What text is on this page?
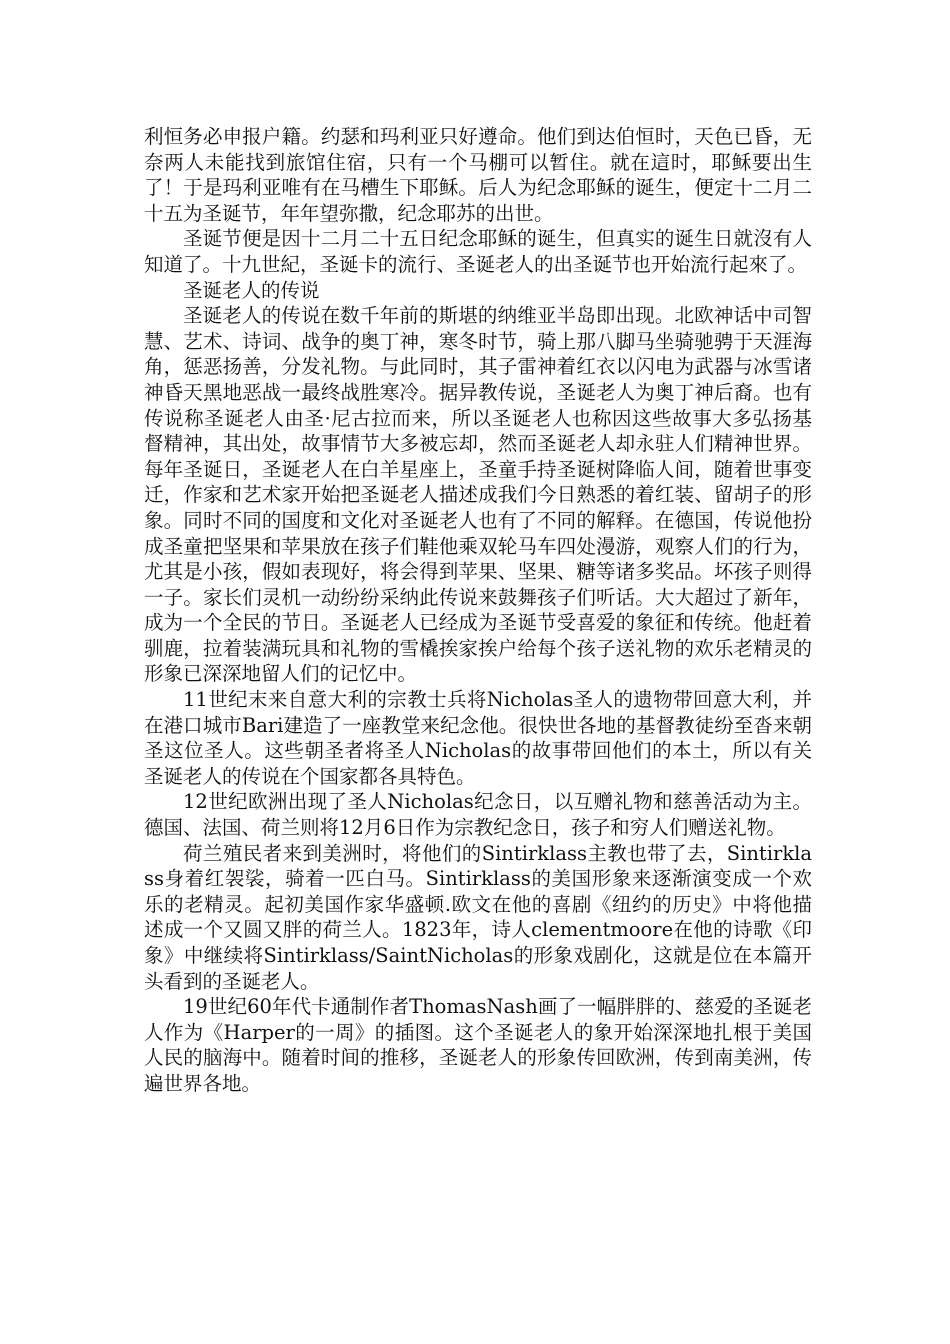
利恒务必申报户籍。约瑟和玛利亚只好遵命。他们到达伯恒时，天色已昏，无奈两人未能找到旅馆住宿，只有一个马棚可以暂住。就在這时，耶稣要出生了！于是玛利亚唯有在马槽生下耶稣。后人为纪念耶稣的诞生，便定十二月二十五为圣诞节，年年望弥撒，纪念耶苏的出世。

圣诞节便是因十二月二十五日纪念耶稣的诞生，但真实的诞生日就沒有人知道了。十九世紀，圣诞卡的流行、圣诞老人的出圣诞节也开始流行起來了。

圣诞老人的传说

圣诞老人的传说在数千年前的斯堪的纳维亚半岛即出现。北欧神话中司智慧、艺术、诗词、战争的奥丁神，寒冬时节，骑上那八脚马坐骑驰骋于天涯海角，惩恶扬善，分发礼物。与此同时，其子雷神着红衣以闪电为武器与冰雪诸神昏天黑地恶战一最终战胜寒冷。据异教传说，圣诞老人为奥丁神后裔。也有传说称圣诞老人由圣·尼古拉而来，所以圣诞老人也称因这些故事大多弘扬基督精神，其出处，故事情节大多被忘却，然而圣诞老人却永驻人们精神世界。每年圣诞日，圣诞老人在白羊星座上，圣童手持圣诞树降临人间，随着世事变迁，作家和艺术家开始把圣诞老人描述成我们今日熟悉的着红装、留胡子的形象。同时不同的国度和文化对圣诞老人也有了不同的解释。在德国，传说他扮成圣童把坚果和苹果放在孩子们鞋他乘双轮马车四处漫游，观察人们的行为，尤其是小孩，假如表现好，将会得到苹果、坚果、糖等诸多奖品。坏孩子则得一子。家长们灵机一动纷纷采纳此传说来鼓舞孩子们听话。大大超过了新年，成为一个全民的节日。圣诞老人已经成为圣诞节受喜爱的象征和传统。他赶着驯鹿，拉着装满玩具和礼物的雪橇挨家挨户给每个孩子送礼物的欢乐老精灵的形象已深深地留人们的记忆中。

11世纪末来自意大利的宗教士兵将Nicholas圣人的遗物带回意大利，并在港口城市Bari建造了一座教堂来纪念他。很快世各地的基督教徒纷至沓来朝圣这位圣人。这些朝圣者将圣人Nicholas的故事带回他们的本土，所以有关圣诞老人的传说在个国家都各具特色。

12世纪欧洲出现了圣人Nicholas纪念日，以互赠礼物和慈善活动为主。德国、法国、荷兰则将12月6日作为宗教纪念日，孩子和穷人们赠送礼物。

荷兰殖民者来到美洲时，将他们的Sintirklass主教也带了去，Sintirklass身着红袈裟，骑着一匹白马。Sintirklass的美国形象来逐渐演变成一个欢乐的老精灵。起初美国作家华盛顿.欧文在他的喜剧《纽约的历史》中将他描述成一个又圆又胖的荷兰人。1823年，诗人clementmoore在他的诗歌《印象》中继续将Sintirklass/SaintNicholas的形象戏剧化，这就是位在本篇开头看到的圣诞老人。

19世纪60年代卡通制作者ThomasNash画了一幅胖胖的、慈爱的圣诞老人作为《Harper的一周》的插图。这个圣诞老人的象开始深深地扎根于美国人民的脑海中。随着时间的推移，圣诞老人的形象传回欧洲，传到南美洲，传遍世界各地。
